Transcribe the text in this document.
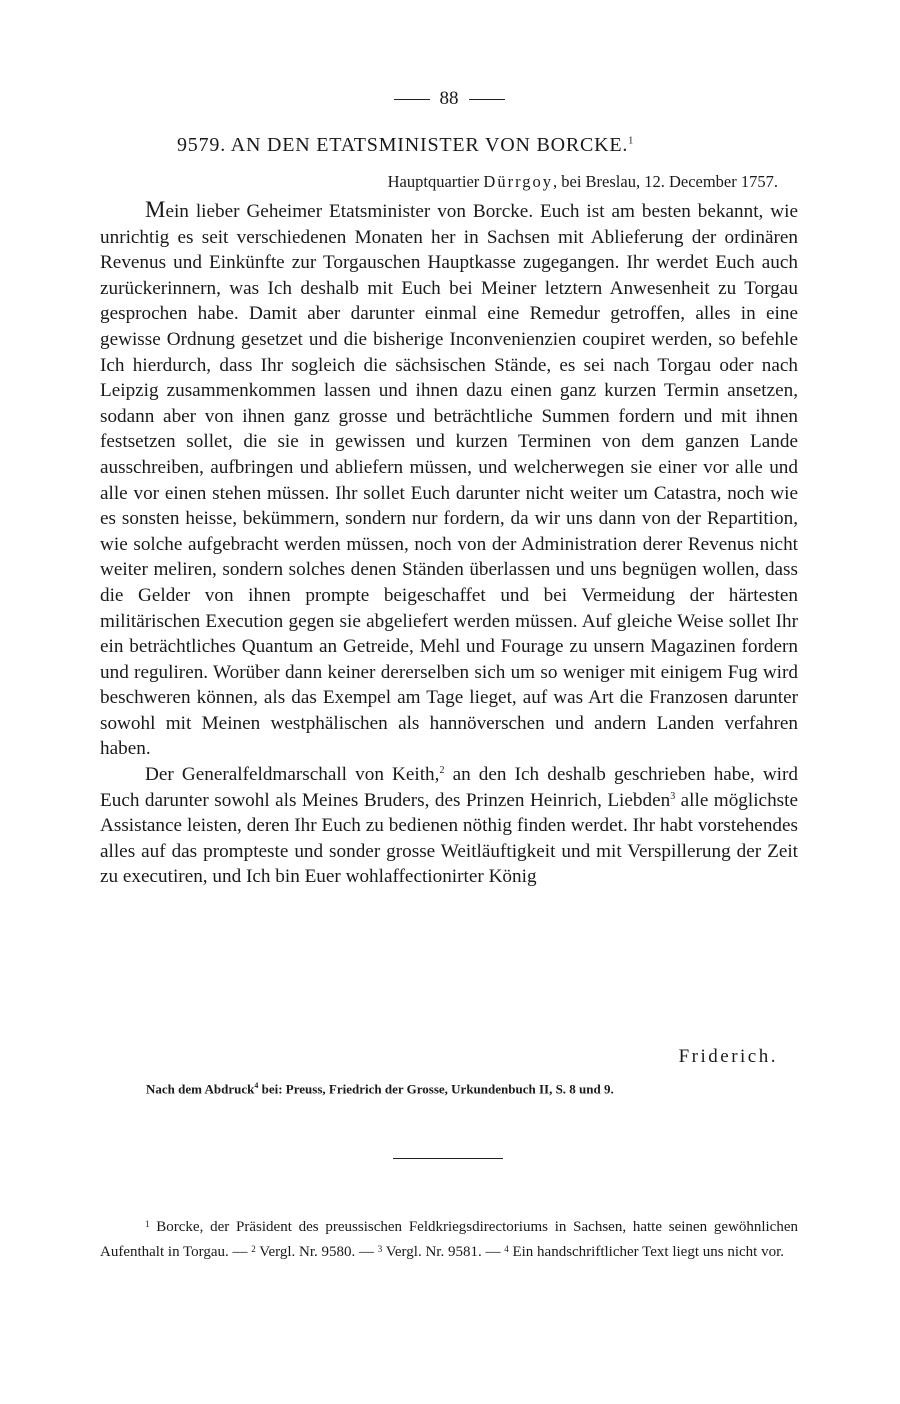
88
9579. AN DEN ETATSMINISTER VON BORCKE.$^1$
Hauptquartier Dürrgoy, bei Breslau, 12. December 1757.

Mein lieber Geheimer Etatsminister von Borcke. Euch ist am besten bekannt, wie unrichtig es seit verschiedenen Monaten her in Sachsen mit Ablieferung der ordinären Revenus und Einkünfte zur Torgauschen Hauptkasse zugegangen. Ihr werdet Euch auch zurückerinnern, was Ich deshalb mit Euch bei Meiner letztern Anwesenheit zu Torgau gesprochen habe. Damit aber darunter einmal eine Remedur getroffen, alles in eine gewisse Ordnung gesetzet und die bisherige Inconvenienzien coupiret werden, so befehle Ich hierdurch, dass Ihr sogleich die sächsischen Stände, es sei nach Torgau oder nach Leipzig zusammenkommen lassen und ihnen dazu einen ganz kurzen Termin ansetzen, sodann aber von ihnen ganz grosse und beträchtliche Summen fordern und mit ihnen festsetzen sollet, die sie in gewissen und kurzen Terminen von dem ganzen Lande ausschreiben, aufbringen und abliefern müssen, und welcherwegen sie einer vor alle und alle vor einen stehen müssen. Ihr sollet Euch darunter nicht weiter um Catastra, noch wie es sonsten heisse, bekümmern, sondern nur fordern, da wir uns dann von der Repartition, wie solche aufgebracht werden müssen, noch von der Administration derer Revenus nicht weiter meliren, sondern solches denen Ständen überlassen und uns begnügen wollen, dass die Gelder von ihnen prompte beigeschaffet und bei Vermeidung der härtesten militärischen Execution gegen sie abgeliefert werden müssen. Auf gleiche Weise sollet Ihr ein beträchtliches Quantum an Getreide, Mehl und Fourage zu unsern Magazinen fordern und reguliren. Worüber dann keiner dererselben sich um so weniger mit einigem Fug wird beschweren können, als das Exempel am Tage lieget, auf was Art die Franzosen darunter sowohl mit Meinen westphälischen als hannöverschen und andern Landen verfahren haben.

Der Generalfeldmarschall von Keith,$^2$ an den Ich deshalb geschrieben habe, wird Euch darunter sowohl als Meines Bruders, des Prinzen Heinrich, Liebden$^3$ alle möglichste Assistance leisten, deren Ihr Euch zu bedienen nöthig finden werdet. Ihr habt vorstehendes alles auf das prompteste und sonder grosse Weitläuftigkeit und mit Verspillerung der Zeit zu executiren, und Ich bin Euer wohlaffectionirter König

Friderich.
Nach dem Abdruck$^4$ bei: Preuss, Friedrich der Grosse, Urkundenbuch II, S. 8 und 9.

$^1$ Borcke, der Präsident des preussischen Feldkriegsdirectoriums in Sachsen, hatte seinen gewöhnlichen Aufenthalt in Torgau. — $^2$ Vergl. Nr. 9580. — $^3$ Vergl. Nr. 9581. — $^4$ Ein handschriftlicher Text liegt uns nicht vor.
